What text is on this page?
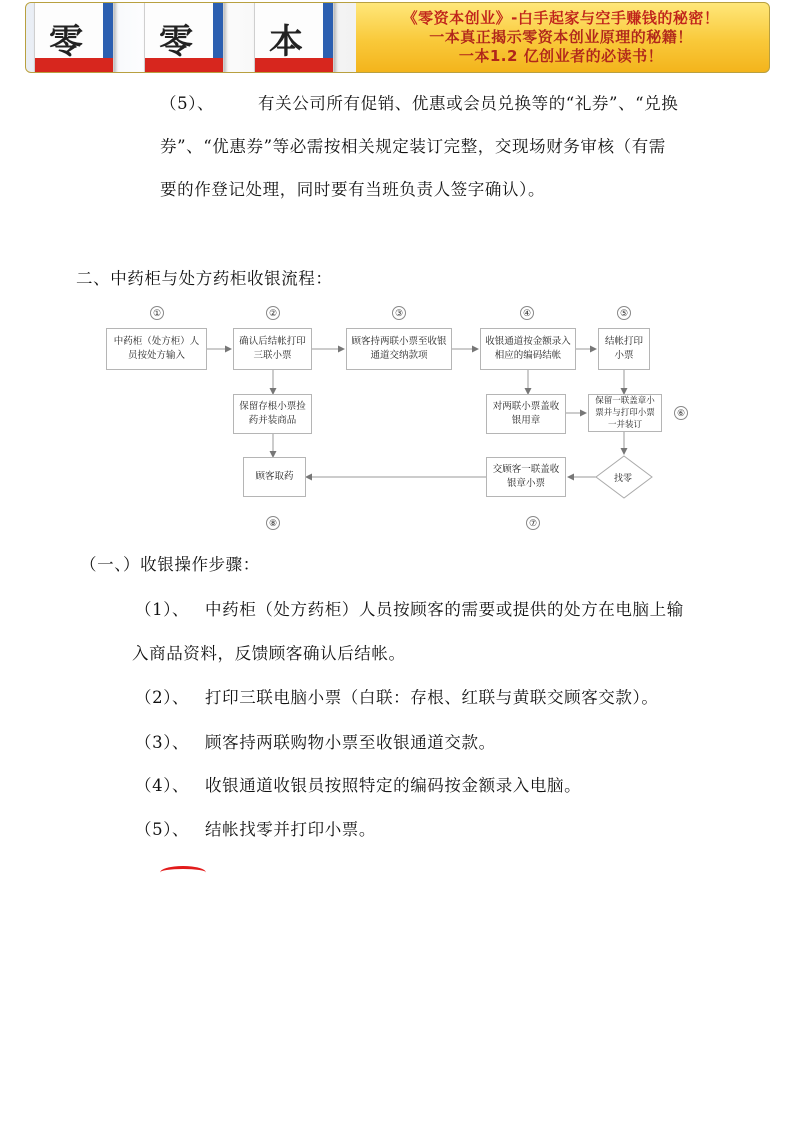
零 零 本
《零资本创业》-白手起家与空手赚钱的秘密！
一本真正揭示零资本创业原理的秘籍！
一本1.2 亿创业者的必读书！
（5）、	有关公司所有促销、优惠或会员兑换等的“礼券”、“兑换
券”、“优惠券”等必需按相关规定装订完整，交现场财务审核（有需
要的作登记处理，同时要有当班负责人签字确认）。
二、中药柜与处方药柜收银流程：
①	②	③	④	⑤
⑥
⑦
⑧
中药柜（处方柜）人员按处方输入
确认后结帐打印三联小票
顾客持两联小票至收银通道交纳款项
收银通道按金额录入相应的编码结帐
结帐打印小票
保留存根小票捡药并装商品
对两联小票盖收银用章
保留一联盖章小票并与打印小票一并装订
顾客取药
交顾客一联盖收银章小票	找零
（一、）收银操作步骤：
（1）、 中药柜（处方药柜）人员按顾客的需要或提供的处方在电脑上输
入商品资料，反馈顾客确认后结帐。
（2）、 打印三联电脑小票（白联：存根、红联与黄联交顾客交款）。
（3）、 顾客持两联购物小票至收银通道交款。
（4）、 收银通道收银员按照特定的编码按金额录入电脑。
（5）、 结帐找零并打印小票。
